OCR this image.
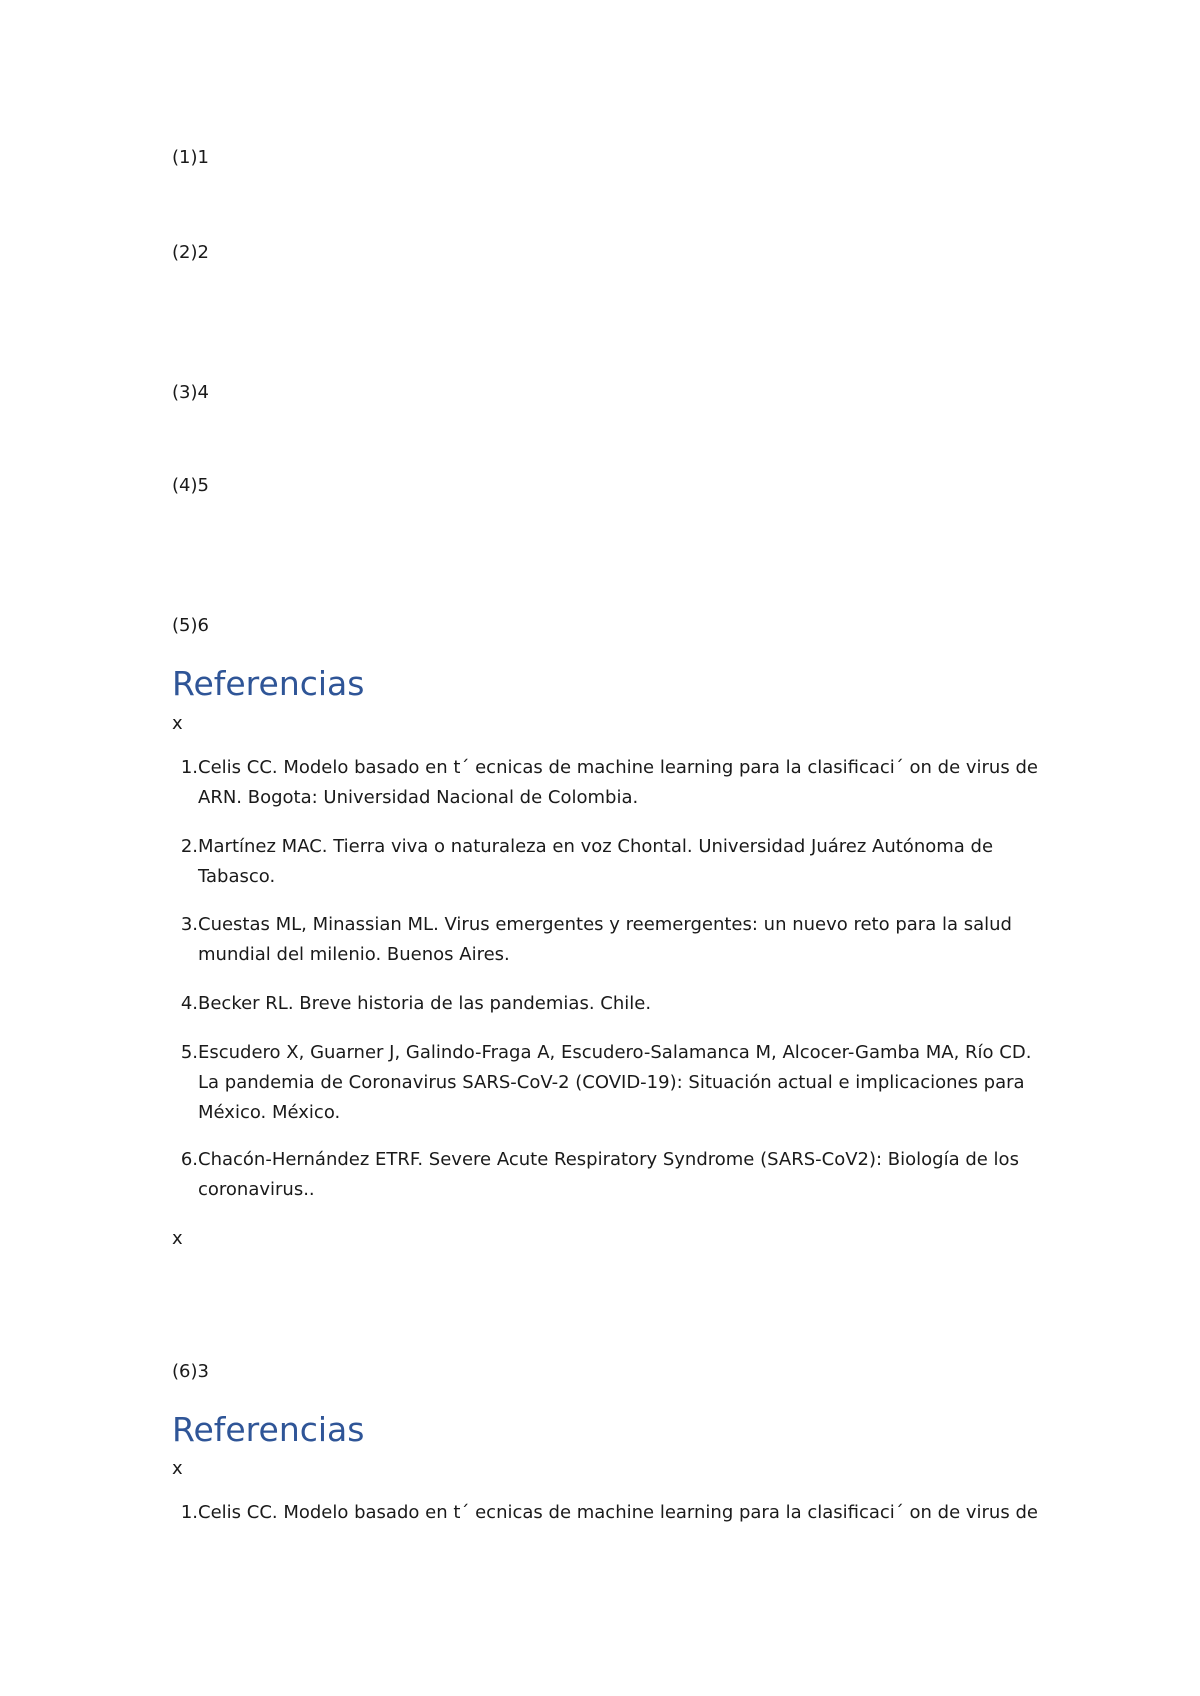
(1)1
(2)2
(3)4
(4)5
(5)6
Referencias
x
1. Celis CC. Modelo basado en t´ ecnicas de machine learning para la clasificaci´ on de virus de ARN. Bogota: Universidad Nacional de Colombia.
2. Martínez MAC. Tierra viva o naturaleza en voz Chontal. Universidad Juárez Autónoma de Tabasco.
3. Cuestas ML, Minassian ML. Virus emergentes y reemergentes: un nuevo reto para la salud mundial del milenio. Buenos Aires.
4. Becker RL. Breve historia de las pandemias. Chile.
5. Escudero X, Guarner J, Galindo-Fraga A, Escudero-Salamanca M, Alcocer-Gamba MA, Río CD. La pandemia de Coronavirus SARS-CoV-2 (COVID-19): Situación actual e implicaciones para México. México.
6. Chacón-Hernández ETRF. Severe Acute Respiratory Syndrome (SARS-CoV2): Biología de los coronavirus..
x
(6)3
Referencias
x
1. Celis CC. Modelo basado en t´ ecnicas de machine learning para la clasificaci´ on de virus de
